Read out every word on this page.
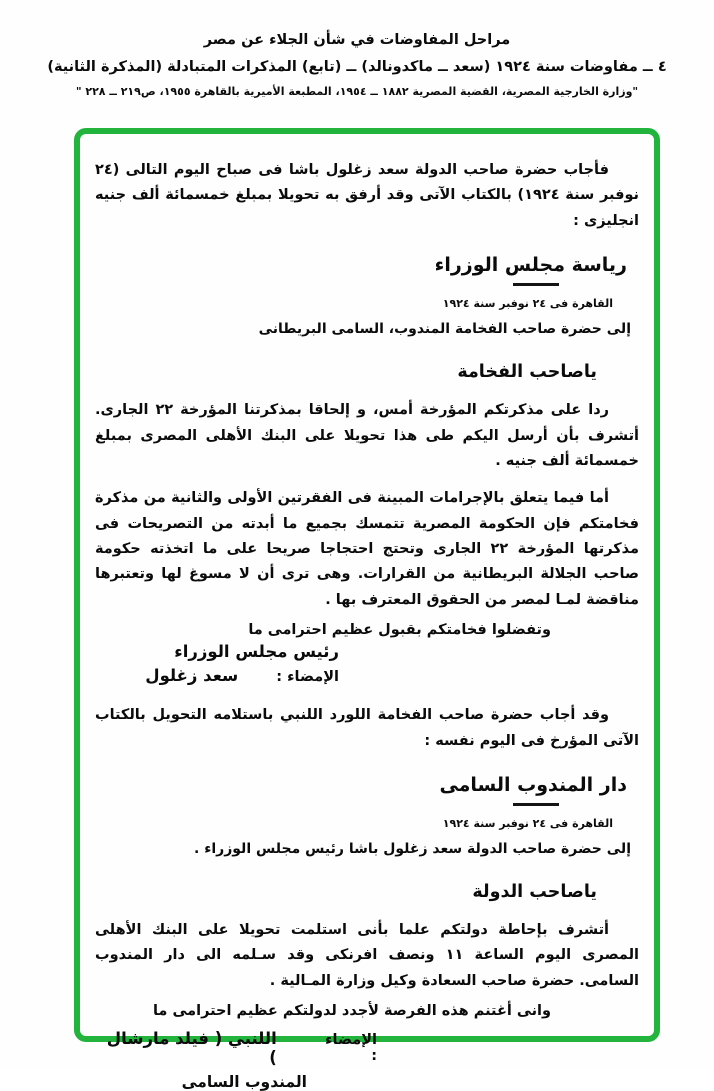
مراحل المفاوضات في شأن الجلاء عن مصر
٤ ــ مفاوضات سنة ١٩٢٤ (سعد ــ ماكدونالد) ــ (تابع) المذكرات المتبادلة (المذكرة الثانية)
"وزارة الخارجية المصرية، القضية المصرية ١٨٨٢ ــ ١٩٥٤، المطبعة الأميرية بالقاهرة ١٩٥٥، ص٢١٩ ــ ٢٢٨ "

فأجاب حضرة صاحب الدولة سعد زغلول باشا فى صباح اليوم التالى (٢٤ نوفبر سنة ١٩٢٤) بالكتاب الآتى وقد أرفق به تحويلا بمبلغ خمسمائة ألف جنيه انجليزى :

رياسة مجلس الوزراء
القاهرة فى ٢٤ نوفبر سنة ١٩٢٤
إلى حضرة صاحب الفخامة المندوب، السامى البريطانى
ياصاحب الفخامة

ردا على مذكرتكم المؤرخة أمس، و إلحاقا بمذكرتنا المؤرخة ٢٢ الجارى. أتشرف بأن أرسل اليكم طى هذا تحويلا على البنك الأهلى المصرى بمبلغ خمسمائة ألف جنيه .

أما فيما يتعلق بالإجرامات المبينة فى الفقرتين الأولى والثانية من مذكرة فخامتكم فإن الحكومة المصرية تتمسك بجميع ما أبدته من التصريحات فى مذكرتها المؤرخة ٢٢ الجارى وتحتج احتجاجا صريحا على ما اتخذته حكومة صاحب الجلالة البريطانية من القرارات. وهى ترى أن لا مسوغ لها وتعتبرها مناقضة لمـا لمصر من الحقوق المعترف بها .

وتفضلوا فخامتكم بقبول عظيم احترامى ما
رئيس مجلس الوزراء
الإمضاء :
سعد زغلول

وقد أجاب حضرة صاحب الفخامة اللورد اللنبي باستلامه التحويل بالكتاب الآتى المؤرخ فى اليوم نفسه :

دار المندوب السامى
القاهرة فى ٢٤ نوفبر سنة ١٩٢٤
إلى حضرة صاحب الدولة سعد زغلول باشا رئيس مجلس الوزراء .
ياصاحب الدولة

أتشرف بإحاطة دولتكم علما بأنى استلمت تحويلا على البنك الأهلى المصرى اليوم الساعة ١١ ونصف افرنكى وقد سـلمه الى دار المندوب السامى. حضرة صاحب السعادة وكيل وزارة المـالية .

وانى أغتنم هذه الفرصة لأجدد لدولتكم عظيم احترامى ما
الإمضاء :
اللنبي ( فيلد مارشال )
المندوب السامى
